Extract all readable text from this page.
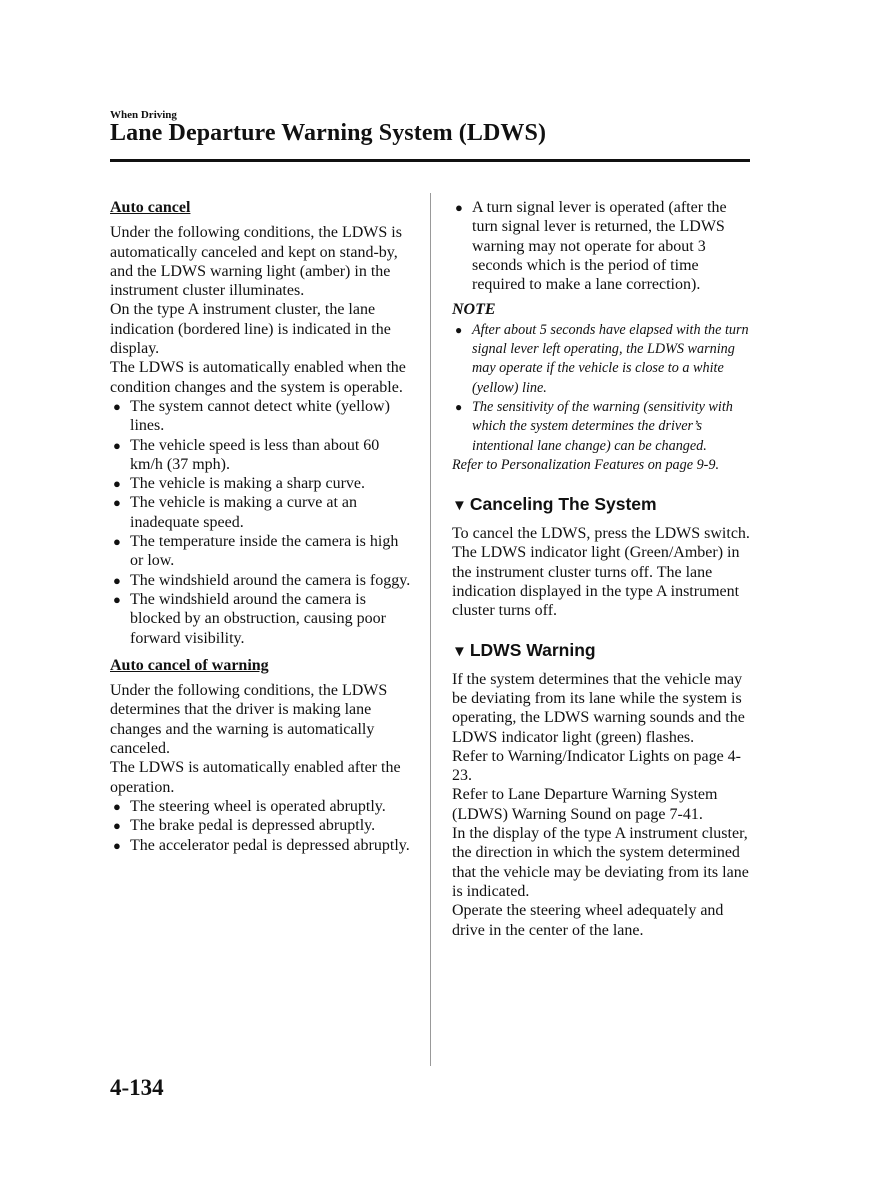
When Driving
Lane Departure Warning System (LDWS)
Auto cancel

Under the following conditions, the LDWS is automatically canceled and kept on stand-by, and the LDWS warning light (amber) in the instrument cluster illuminates.

On the type A instrument cluster, the lane indication (bordered line) is indicated in the display.

The LDWS is automatically enabled when the condition changes and the system is operable.

● The system cannot detect white (yellow) lines.
● The vehicle speed is less than about 60 km/h (37 mph).
● The vehicle is making a sharp curve.
● The vehicle is making a curve at an inadequate speed.
● The temperature inside the camera is high or low.
● The windshield around the camera is foggy.
● The windshield around the camera is blocked by an obstruction, causing poor forward visibility.
Auto cancel of warning

Under the following conditions, the LDWS determines that the driver is making lane changes and the warning is automatically canceled.

The LDWS is automatically enabled after the operation.

● The steering wheel is operated abruptly.
● The brake pedal is depressed abruptly.
● The accelerator pedal is depressed abruptly.
● A turn signal lever is operated (after the turn signal lever is returned, the LDWS warning may not operate for about 3 seconds which is the period of time required to make a lane correction).
NOTE
● After about 5 seconds have elapsed with the turn signal lever left operating, the LDWS warning may operate if the vehicle is close to a white (yellow) line.
● The sensitivity of the warning (sensitivity with which the system determines the driver’s intentional lane change) can be changed.

Refer to Personalization Features on page 9-9.

▼ Canceling The System

To cancel the LDWS, press the LDWS switch. The LDWS indicator light (Green/Amber) in the instrument cluster turns off. The lane indication displayed in the type A instrument cluster turns off.

▼ LDWS Warning

If the system determines that the vehicle may be deviating from its lane while the system is operating, the LDWS warning sounds and the LDWS indicator light (green) flashes.

Refer to Warning/Indicator Lights on page 4-23.

Refer to Lane Departure Warning System (LDWS) Warning Sound on page 7-41.

In the display of the type A instrument cluster, the direction in which the system determined that the vehicle may be deviating from its lane is indicated.

Operate the steering wheel adequately and drive in the center of the lane.

4-134
